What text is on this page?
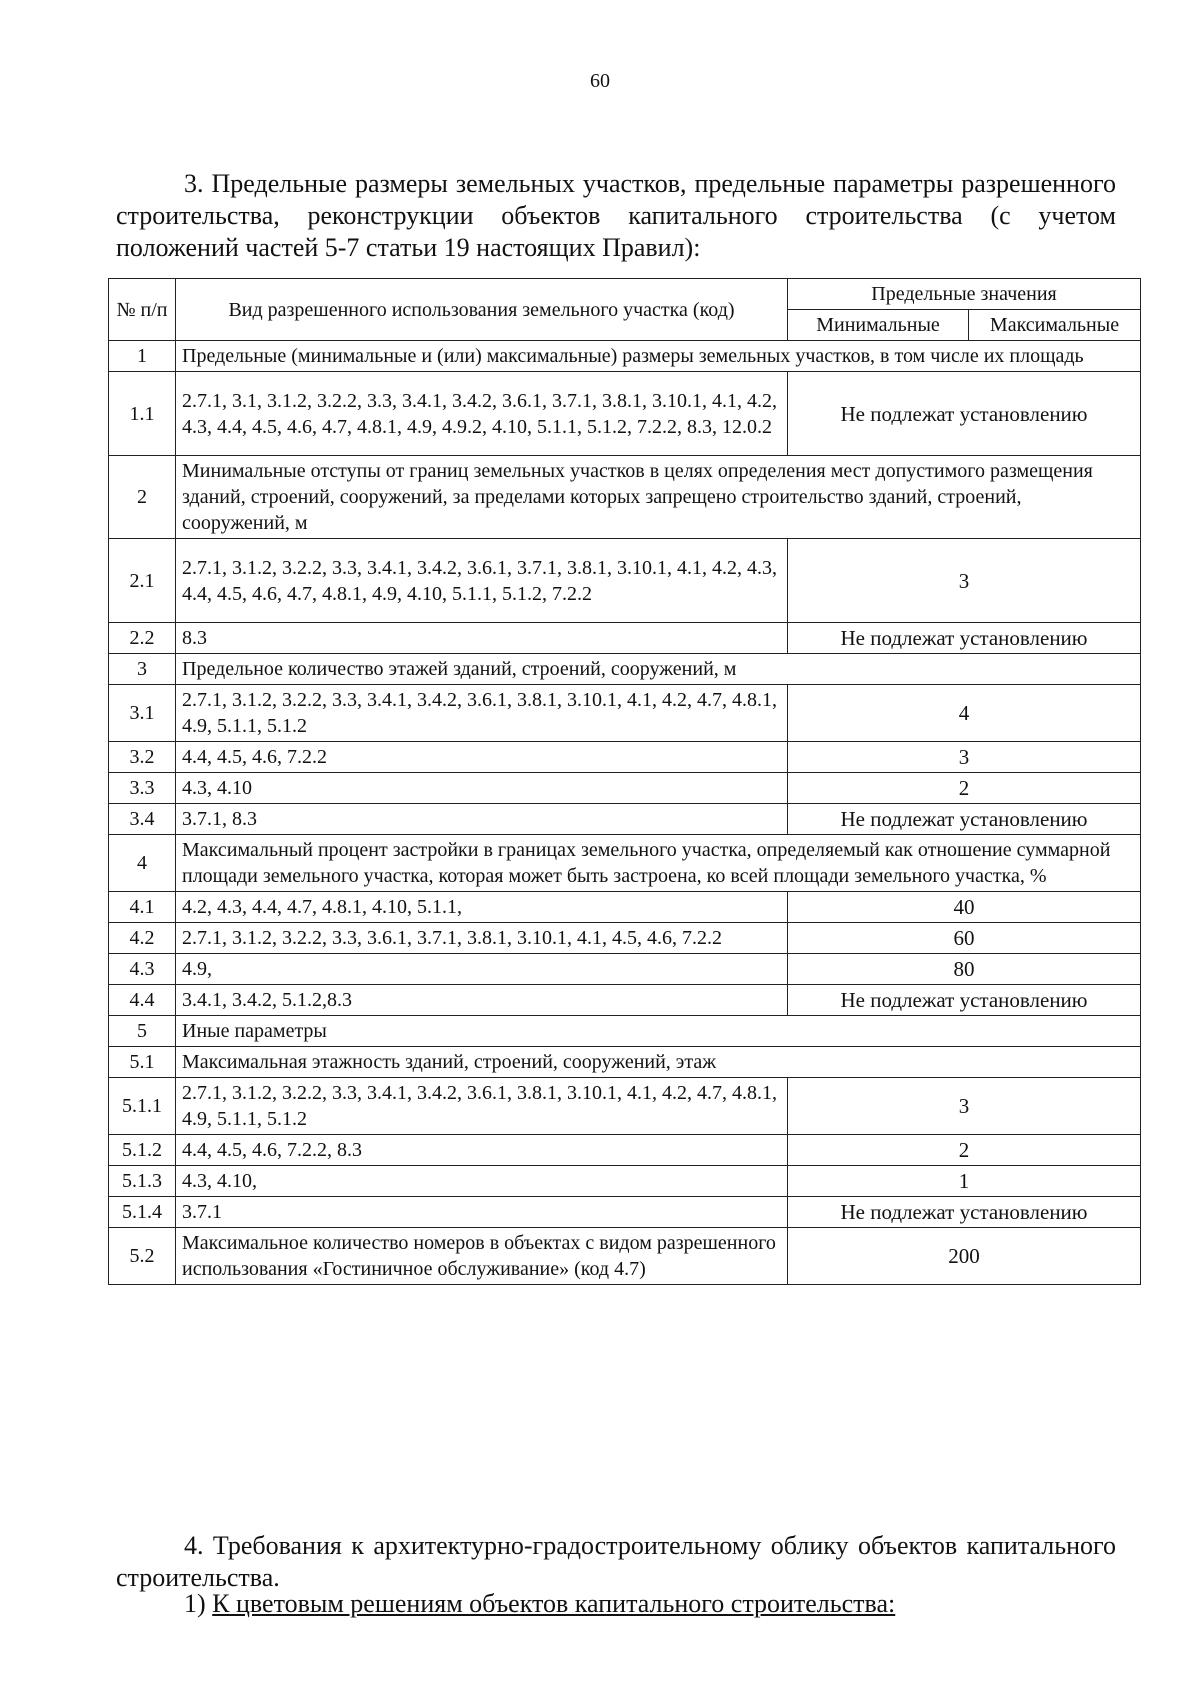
60
3. Предельные размеры земельных участков, предельные параметры разрешенного строительства, реконструкции объектов капитального строительства (с учетом положений частей 5-7 статьи 19 настоящих Правил):
№ п/п	Вид разрешенного использования земельного участка (код)	Предельные значения	
		Минимальные	Максимальные
1	Предельные (минимальные и (или) максимальные) размеры земельных участков, в том числе их площадь		
1.1	2.7.1, 3.1, 3.1.2, 3.2.2, 3.3, 3.4.1, 3.4.2, 3.6.1, 3.7.1, 3.8.1, 3.10.1, 4.1, 4.2, 4.3, 4.4, 4.5, 4.6, 4.7, 4.8.1, 4.9, 4.9.2, 4.10, 5.1.1, 5.1.2, 7.2.2, 8.3, 12.0.2	Не подлежат установлению	
2	Минимальные отступы от границ земельных участков в целях определения мест допустимого размещения зданий, строений, сооружений, за пределами которых запрещено строительство зданий, строений, сооружений, м		
2.1	2.7.1, 3.1.2, 3.2.2, 3.3, 3.4.1, 3.4.2, 3.6.1, 3.7.1, 3.8.1, 3.10.1, 4.1, 4.2, 4.3, 4.4, 4.5, 4.6, 4.7, 4.8.1, 4.9, 4.10, 5.1.1, 5.1.2, 7.2.2	3	
2.2	8.3	Не подлежат установлению	
3	Предельное количество этажей зданий, строений, сооружений, м		
3.1	2.7.1, 3.1.2, 3.2.2, 3.3, 3.4.1, 3.4.2, 3.6.1, 3.8.1, 3.10.1, 4.1, 4.2, 4.7, 4.8.1, 4.9, 5.1.1, 5.1.2	4	
3.2	4.4, 4.5, 4.6, 7.2.2	3	
3.3	4.3, 4.10	2	
3.4	3.7.1, 8.3	Не подлежат установлению	
4	Максимальный процент застройки в границах земельного участка, определяемый как отношение суммарной площади земельного участка, которая может быть застроена, ко всей площади земельного участка, %		
4.1	4.2, 4.3, 4.4, 4.7, 4.8.1, 4.10, 5.1.1,	40	
4.2	2.7.1, 3.1.2, 3.2.2, 3.3, 3.6.1, 3.7.1, 3.8.1, 3.10.1, 4.1, 4.5, 4.6, 7.2.2	60	
4.3	4.9,	80	
4.4	3.4.1, 3.4.2, 5.1.2,8.3	Не подлежат установлению	
5	Иные параметры		
5.1	Максимальная этажность зданий, строений, сооружений, этаж		
5.1.1	2.7.1, 3.1.2, 3.2.2, 3.3, 3.4.1, 3.4.2, 3.6.1, 3.8.1, 3.10.1, 4.1, 4.2, 4.7, 4.8.1, 4.9, 5.1.1, 5.1.2	3	
5.1.2	4.4, 4.5, 4.6, 7.2.2, 8.3	2	
5.1.3	4.3, 4.10,	1	
5.1.4	3.7.1	Не подлежат установлению	
5.2	Максимальное количество номеров в объектах с видом разрешенного использования «Гостиничное обслуживание» (код 4.7)	200	
4. Требования к архитектурно-градостроительному облику объектов капитального строительства.
1) К цветовым решениям объектов капитального строительства:
